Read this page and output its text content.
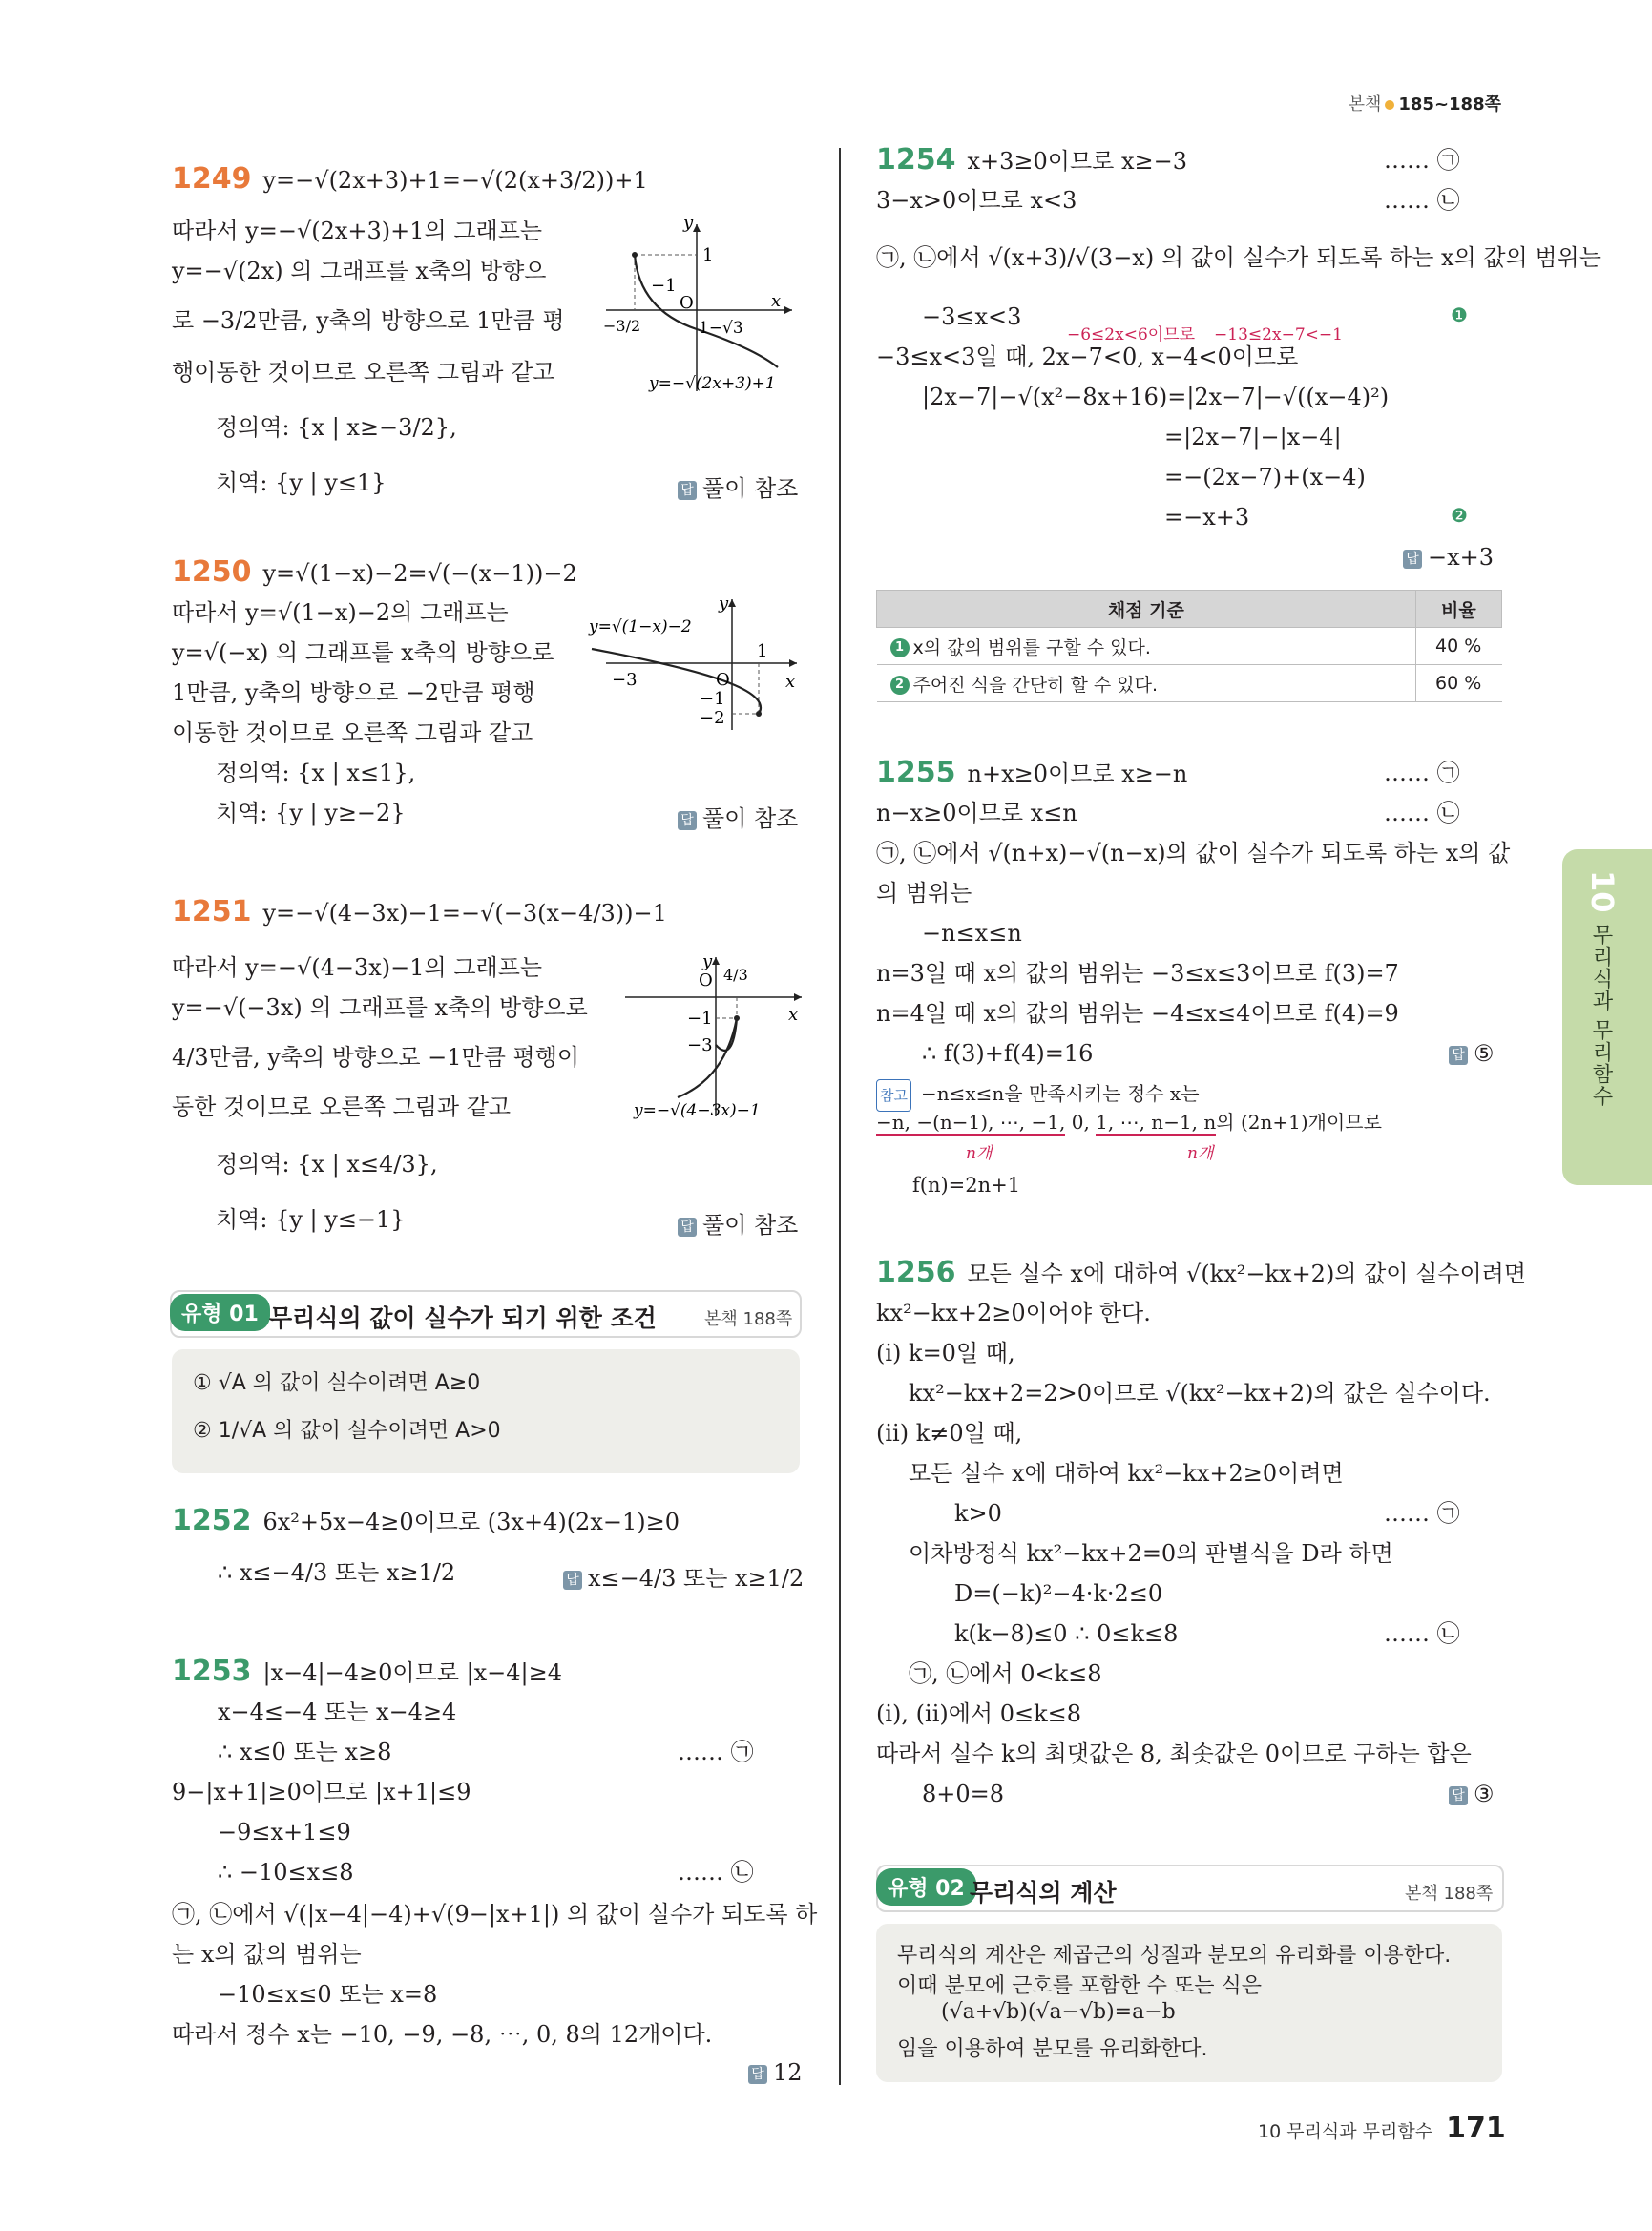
본책 185~188쪽
1249 y=−√(2x+3)+1=−√(2(x+3/2))+1
따라서 y=−√(2x+3)+1의 그래프는
y=−√(2x) 의 그래프를 x축의 방향으
로 −3/2만큼, y축의 방향으로 1만큼 평
행이동한 것이므로 오른쪽 그림과 같고
정의역: {x | x≥−3/2},
치역: {y | y≤1}	답 풀이 참조
y
x
1
−1
O
1−√3
−3/2
y=−√(2x+3)+1
1250 y=√(1−x)−2=√(−(x−1))−2
따라서 y=√(1−x)−2의 그래프는
y=√(−x) 의 그래프를 x축의 방향으로
1만큼, y축의 방향으로 −2만큼 평행
이동한 것이므로 오른쪽 그림과 같고
정의역: {x | x≤1},
치역: {y | y≥−2}	답 풀이 참조
y
x
O
1
−3
−1
−2
y=√(1−x)−2
1251 y=−√(4−3x)−1=−√(−3(x−4/3))−1
따라서 y=−√(4−3x)−1의 그래프는
y=−√(−3x) 의 그래프를 x축의 방향으로
4/3만큼, y축의 방향으로 −1만큼 평행이
동한 것이므로 오른쪽 그림과 같고
정의역: {x | x≤4/3},
치역: {y | y≤−1}	답 풀이 참조
y
x
O 4/3
−1
−3
y=−√(4−3x)−1
유형 01 무리식의 값이 실수가 되기 위한 조건	본책 188쪽
① √A 의 값이 실수이려면 A≥0
② 1/√A 의 값이 실수이려면 A>0
1252 6x²+5x−4≥0이므로 (3x+4)(2x−1)≥0
∴ x≤−4/3 또는 x≥1/2	답 x≤−4/3 또는 x≥1/2
1253 |x−4|−4≥0이므로 |x−4|≥4
x−4≤−4 또는 x−4≥4
∴ x≤0 또는 x≥8	…… ㉠
9−|x+1|≥0이므로 |x+1|≤9
−9≤x+1≤9
∴ −10≤x≤8	…… ㉡
㉠, ㉡에서 √(|x−4|−4)+√(9−|x+1|) 의 값이 실수가 되도록 하
는 x의 값의 범위는
−10≤x≤0 또는 x=8
따라서 정수 x는 −10, −9, −8, ⋯, 0, 8의 12개이다.
답 12
1254 x+3≥0이므로 x≥−3	…… ㉠
3−x>0이므로 x<3	…… ㉡
㉠, ㉡에서 √(x+3)/√(3−x) 의 값이 실수가 되도록 하는 x의 값의 범위는
−3≤x<3	❶
−6≤2x<6이므로 −13≤2x−7<−1
−3≤x<3일 때, 2x−7<0, x−4<0이므로
|2x−7|−√(x²−8x+16)=|2x−7|−√((x−4)²)
=|2x−7|−|x−4|
=−(2x−7)+(x−4)
=−x+3	❷
답 −x+3
채점 기준	비율
1 x의 값의 범위를 구할 수 있다.	40 %
2 주어진 식을 간단히 할 수 있다.	60 %
1255 n+x≥0이므로 x≥−n	…… ㉠
n−x≥0이므로 x≤n	…… ㉡
㉠, ㉡에서 √(n+x)−√(n−x)의 값이 실수가 되도록 하는 x의 값
의 범위는
−n≤x≤n
n=3일 때 x의 값의 범위는 −3≤x≤3이므로 f(3)=7
n=4일 때 x의 값의 범위는 −4≤x≤4이므로 f(4)=9
∴ f(3)+f(4)=16	답 ⑤
참고 −n≤x≤n을 만족시키는 정수 x는
−n, −(n−1), ⋯, −1, 0, 1, ⋯, n−1, n의 (2n+1)개이므로
n개	n개
f(n)=2n+1
1256 모든 실수 x에 대하여 √(kx²−kx+2)의 값이 실수이려면
kx²−kx+2≥0이어야 한다.
(i) k=0일 때,
kx²−kx+2=2>0이므로 √(kx²−kx+2)의 값은 실수이다.
(ii) k≠0일 때,
모든 실수 x에 대하여 kx²−kx+2≥0이려면
k>0	…… ㉠
이차방정식 kx²−kx+2=0의 판별식을 D라 하면
D=(−k)²−4·k·2≤0
k(k−8)≤0 ∴ 0≤k≤8	…… ㉡
㉠, ㉡에서 0<k≤8
(i), (ii)에서 0≤k≤8
따라서 실수 k의 최댓값은 8, 최솟값은 0이므로 구하는 합은
8+0=8	답 ③
유형 02 무리식의 계산	본책 188쪽
무리식의 계산은 제곱근의 성질과 분모의 유리화를 이용한다.
이때 분모에 근호를 포함한 수 또는 식은
(√a+√b)(√a−√b)=a−b
임을 이용하여 분모를 유리화한다.
10
무리식과 무리함수
10 무리식과 무리함수 171
